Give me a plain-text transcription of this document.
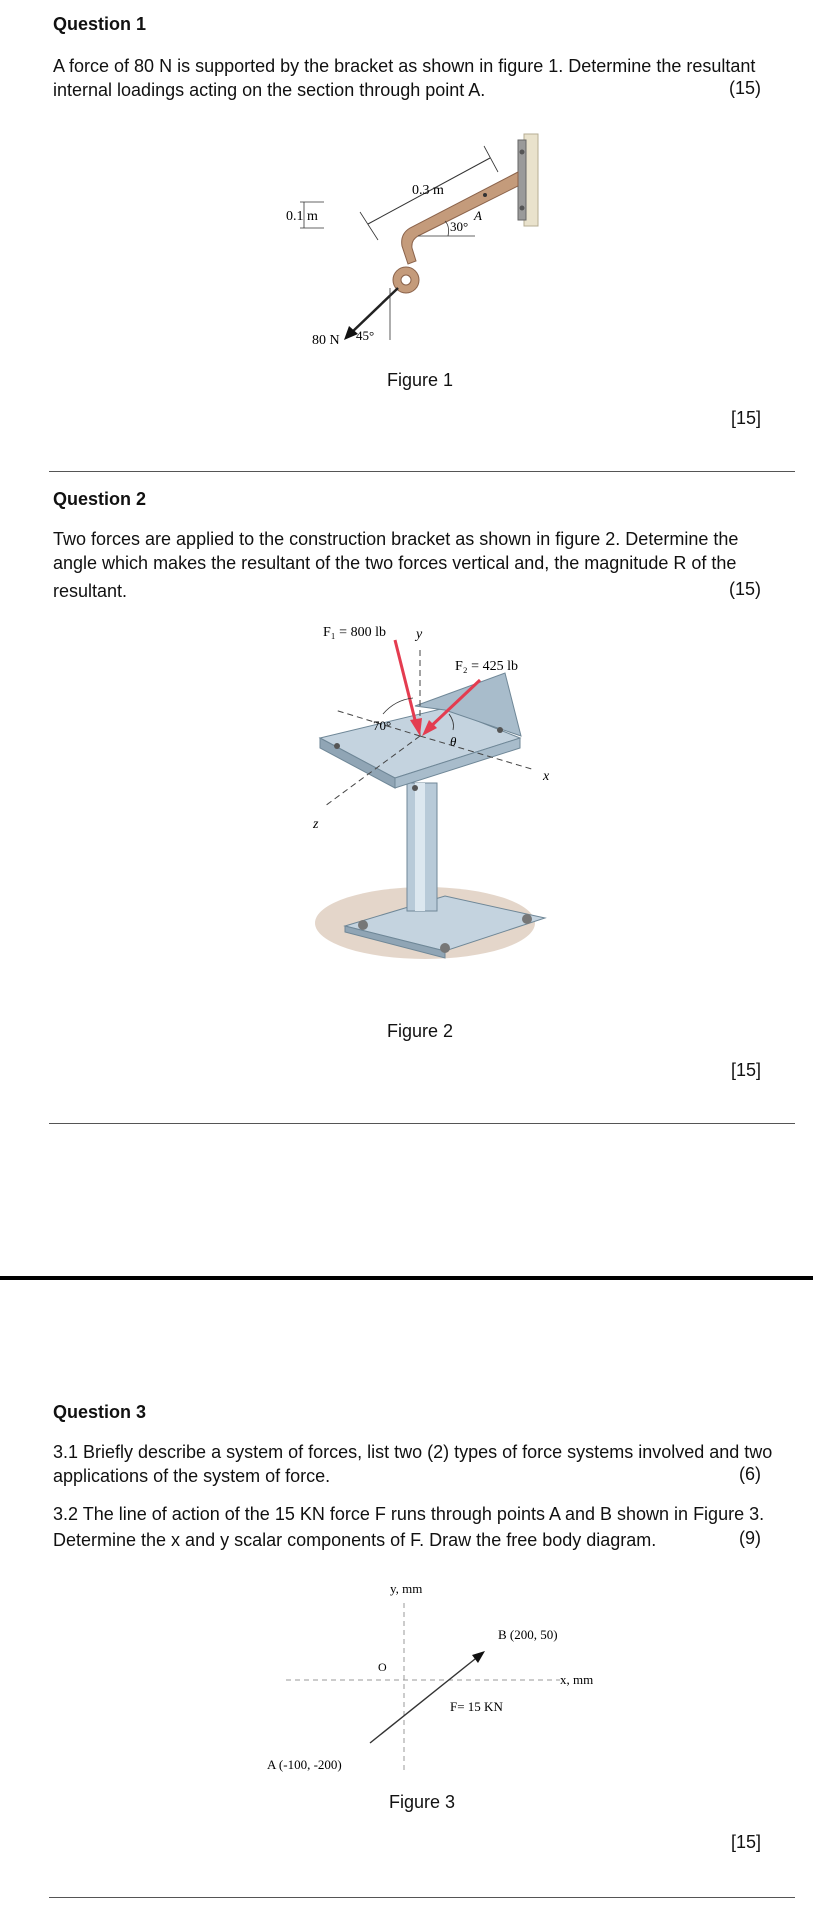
Question 1
A force of 80 N is supported by the bracket as shown in figure 1. Determine the resultant
internal loadings acting on the section through point A.	(15)
A
0.3 m
30°
0.1 m
80 N 45°
Figure 1
[15]
Question 2
Two forces are applied to the construction bracket as shown in figure 2. Determine the
angle which makes the resultant of the two forces vertical and, the magnitude R of the
resultant.	(15)
y
x
z
F₁ = 800 lb
F₂ = 425 lb
70°
θ
Figure 2
[15]
Question 3
3.1 Briefly describe a system of forces, list two (2) types of force systems involved and two
applications of the system of force.	(6)
3.2 The line of action of the 15 KN force F runs through points A and B shown in Figure 3.
Determine the x and y scalar components of F. Draw the free body diagram.	(9)
y, mm
x, mm
O
B (200, 50)
F= 15 KN
A (-100, -200)
Figure 3
[15]
